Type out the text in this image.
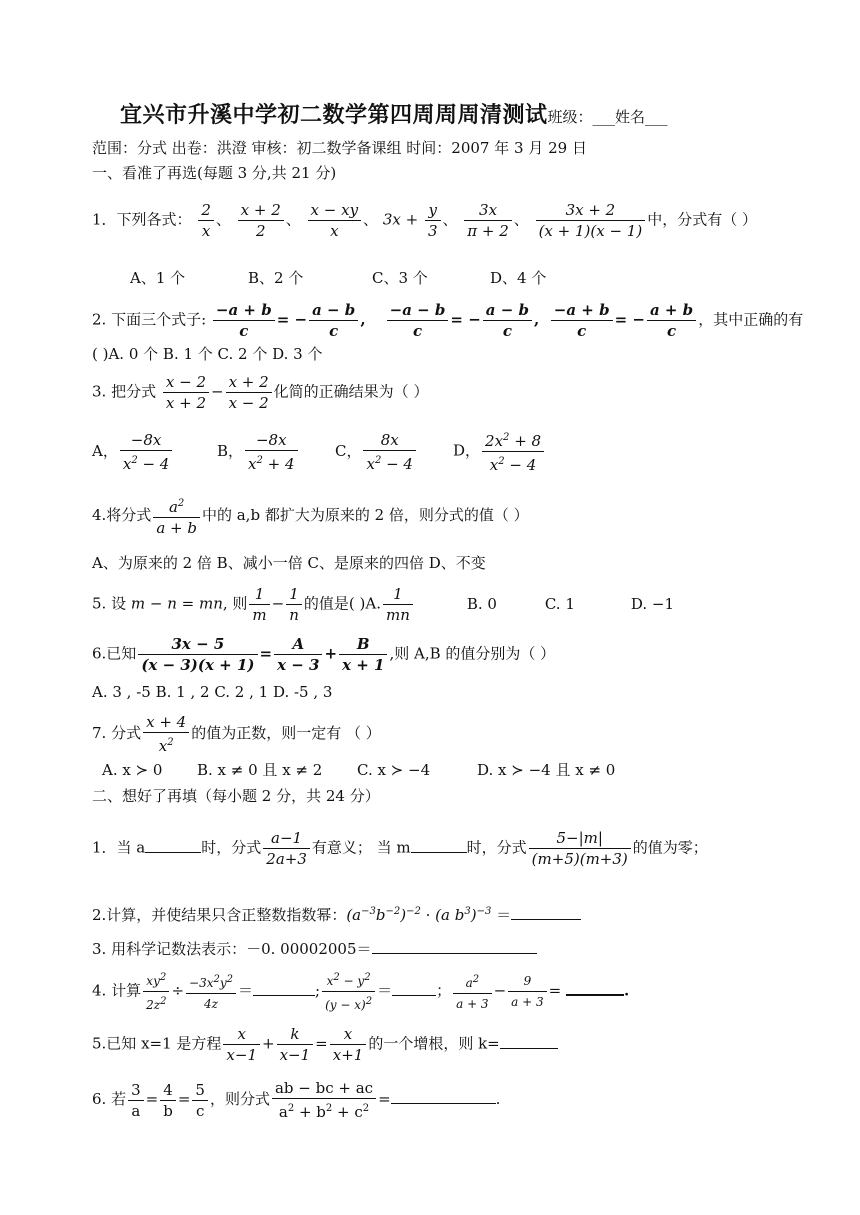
宜兴市升溪中学初二数学第四周周周清测试班级：___姓名___
范围：分式 出卷：洪澄 审核：初二数学备课组 时间：2007 年 3 月 29 日
一、看准了再选(每题 3 分,共 21 分)
1．下列各式： $\frac{2}{x}$ 、 $\frac{x + 2}{2}$ 、 $\frac{x - xy}{x}$ 、 $3x + \frac{y}{3}$ 、 $\frac{3x}{\pi + 2}$ 、 $\frac{3x + 2}{(x + 1)(x - 1)}$ 中，分式有（ ）
A、1 个	B、2 个	C、3 个	D、4 个
2. 下面三个式子: $\frac{-a + b}{c}$ = − $\frac{a - b}{c}$ , $\frac{-a - b}{c}$ = − $\frac{a - b}{c}$ , $\frac{-a + b}{c}$ = − $\frac{a + b}{c}$ ，其中正确的有
( )A. 0 个 B. 1 个 C. 2 个 D. 3 个
3. 把分式 $\frac{x - 2}{x + 2} - \frac{x + 2}{x - 2}$ 化简的正确结果为（ ）
A， $\frac{-8x}{x^2 - 4}$	B， $\frac{-8x}{x^2 + 4}$ C， $\frac{8x}{x^2 - 4}$ D， $\frac{2x^2 + 8}{x^2 - 4}$
4.将分式 $\frac{a^2}{a + b}$ 中的 a,b 都扩大为原来的 2 倍，则分式的值（ ）
A、为原来的 2 倍 B、减小一倍 C、是原来的四倍 D、不变
5. 设 m − n = mn, 则 $\frac{1}{m} - \frac{1}{n}$ 的值是( )A. $\frac{1}{mn}$	B. 0	C. 1	D. −1
6.已知 $\frac{3x - 5}{(x - 3)(x + 1)} = \frac{A}{x - 3} + \frac{B}{x + 1}$ ,则 A,B 的值分别为（ ）
A. 3 , -5 B. 1 , 2 C. 2 , 1 D. -5 , 3
7. 分式 $\frac{x + 4}{x^2}$ 的值为正数，则一定有 （ ）
A. x ≻ 0 B. x ≠ 0 且 x ≠ 2 C. x ≻ −4	D. x ≻ −4 且 x ≠ 0
二、想好了再填（每小题 2 分，共 24 分）
1．当 a	时，分式 $\frac{a-1}{2a+3}$ 有意义； 当 m	时，分式 $\frac{5-|m|}{(m+5)(m+3)}$ 的值为零；
2.计算，并使结果只含正整数指数幂：$(a^{-3}b^{-2})^{-2} \cdot (a$ $b^3)^{-3}$ ＝
3. 用科学记数法表示：－0. 00002005＝
4. 计算 $\frac{xy^2}{2z^2} \div \frac{-3x^2y^2}{4z}$ ＝	; $\frac{x^2 - y^2}{(y - x)^2}$ ＝	； $\frac{a^2}{a + 3} - \frac{9}{a + 3}$ =	.
5.已知 x=1 是方程 $\frac{x}{x-1} + \frac{k}{x-1} = \frac{x}{x+1}$ 的一个增根，则 k=
6. 若 $\frac{3}{a} = \frac{4}{b} = \frac{5}{c}$ ，则分式 $\frac{ab - bc + ac}{a^2 + b^2 + c^2}$ =	.
